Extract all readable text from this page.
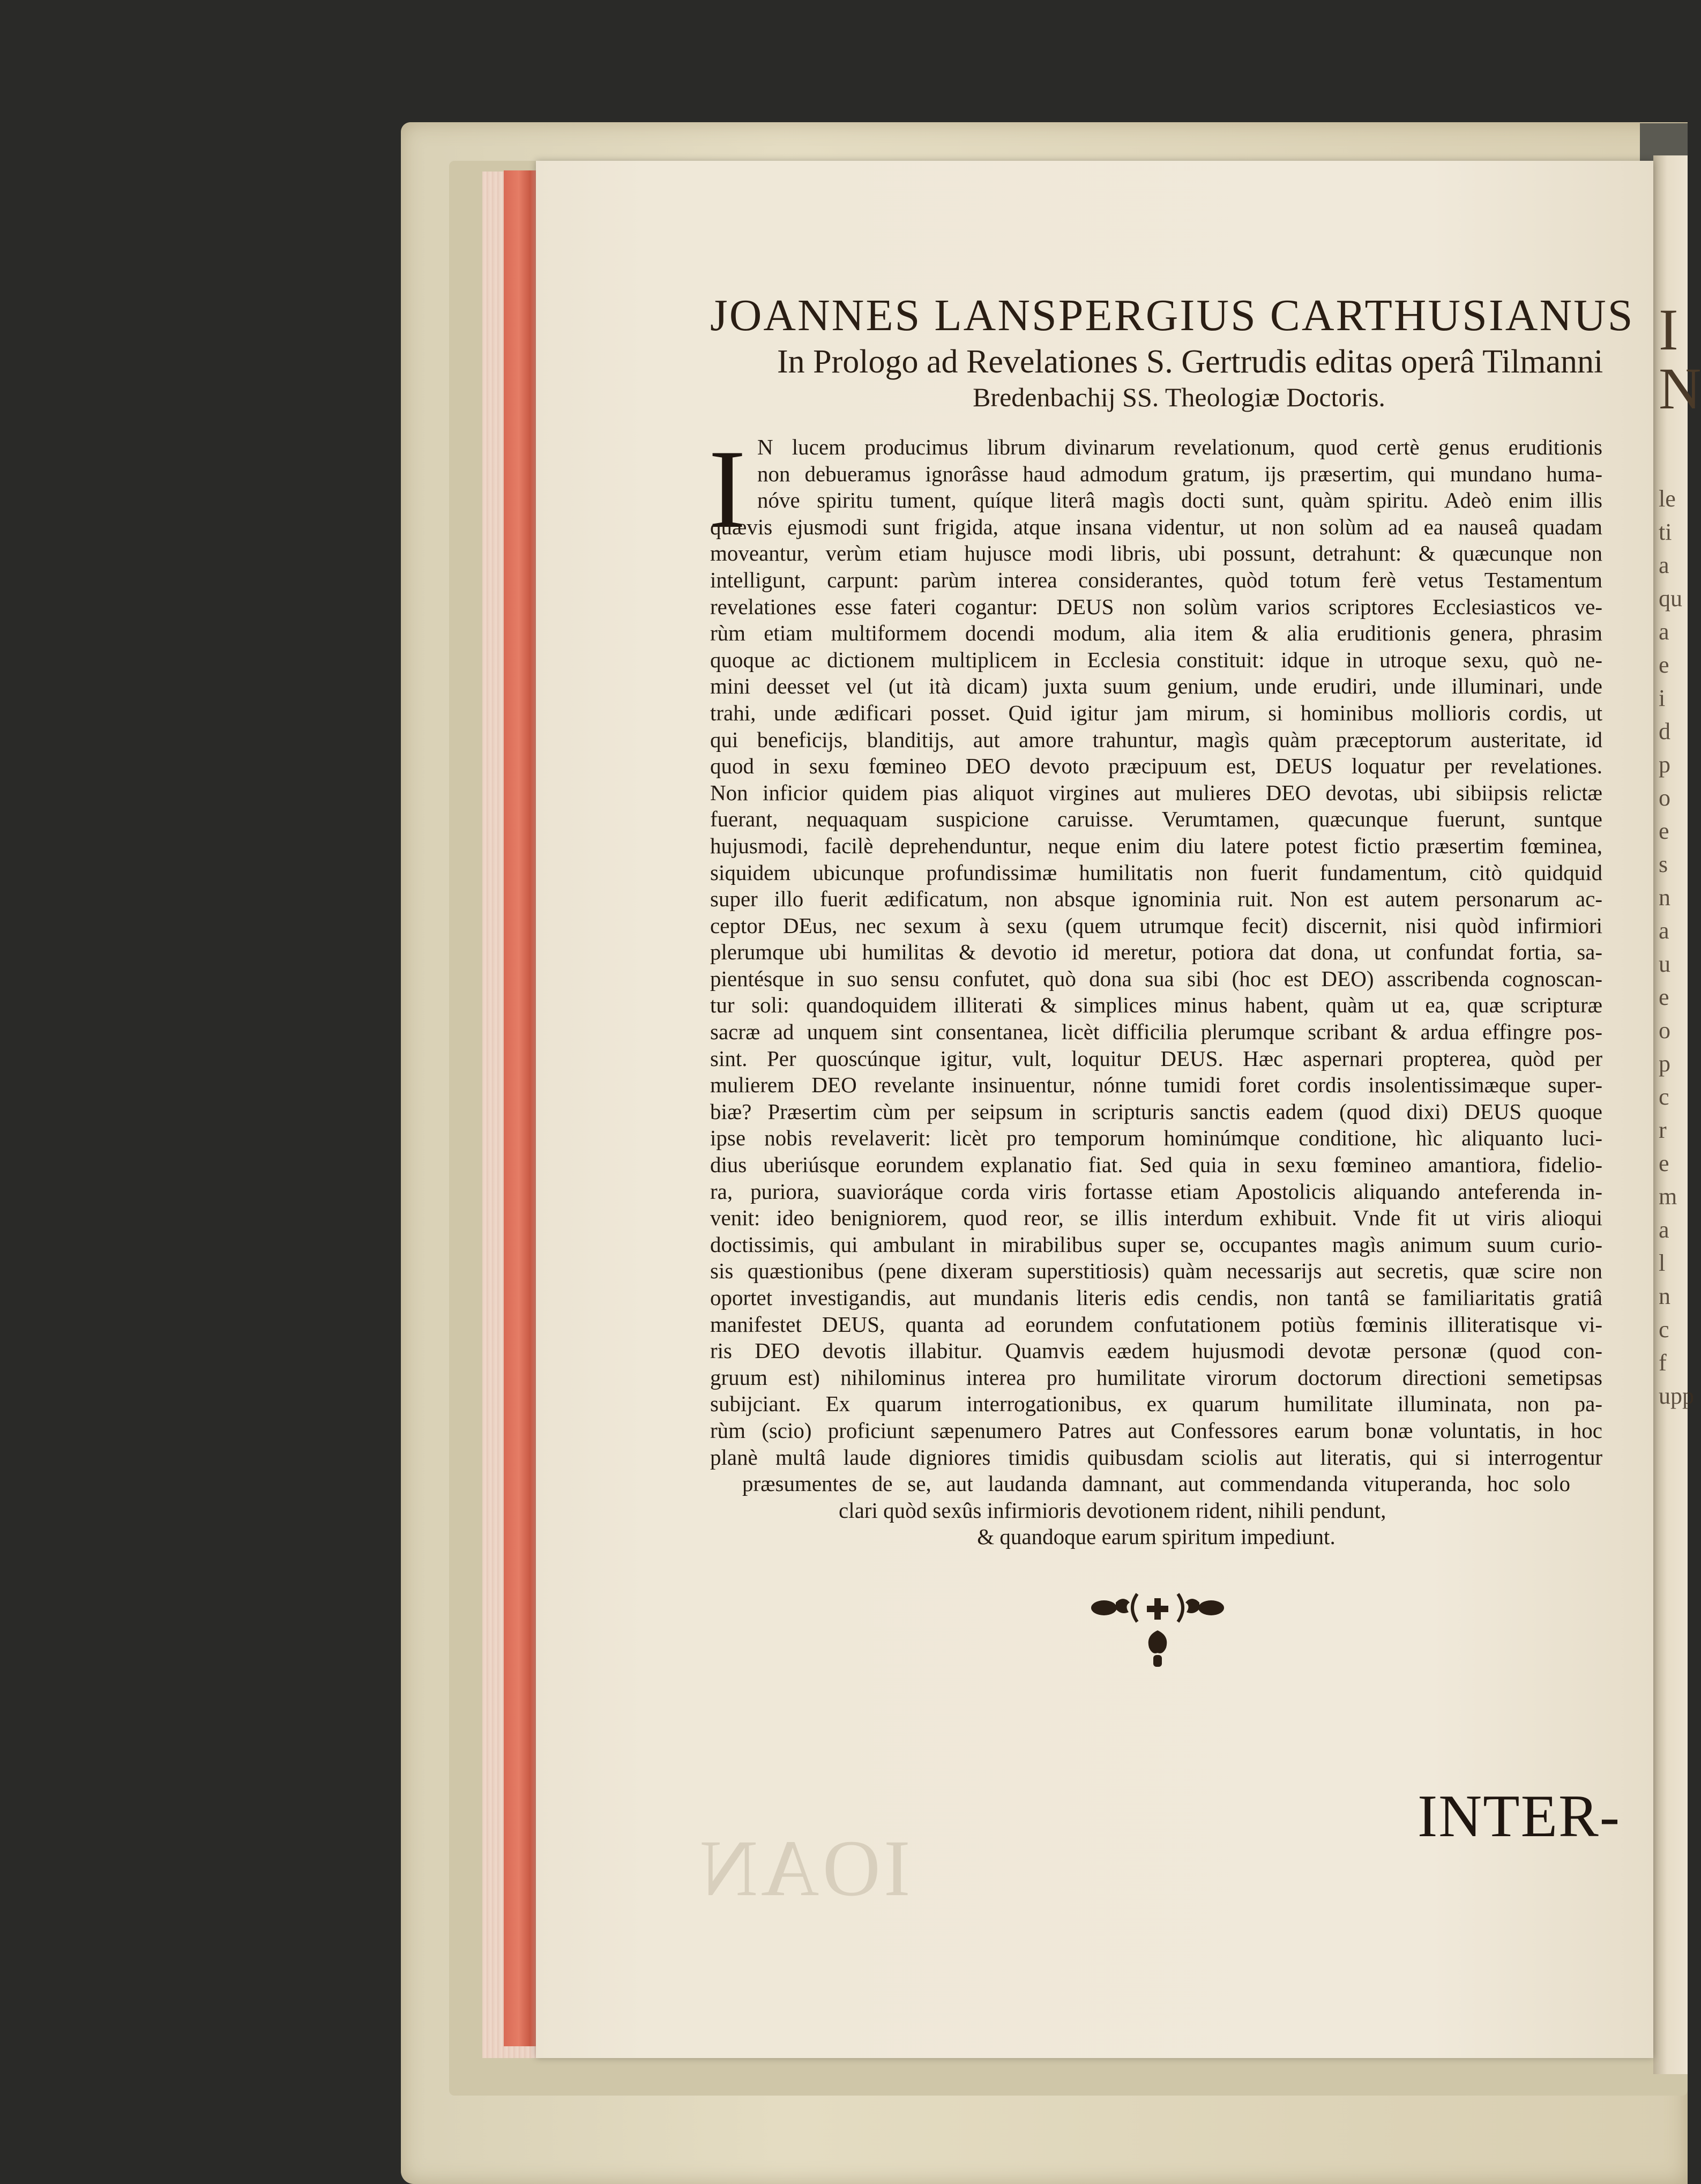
I N
le
ti
a
qu
a
e
i
d
p
o
e
s
n
a
u
e
o
p
c
r
e
m
a
l
n
c
f
upp
IOAN
JOANNES LANSPERGIUS CARTHUSIANUS
In Prologo ad Revelationes S. Gertrudis editas operâ Tilmanni
Bredenbachij SS. Theologiæ Doctoris.
I N lucem producimus librum divinarum revelationum, quod certè genus eruditionis
non debueramus ignorâsse haud admodum gratum, ijs præsertim, qui mundano huma-
nóve spiritu tument, quíque literâ magìs docti sunt, quàm spiritu. Adeò enim illis
quævis ejusmodi sunt frigida, atque insana videntur, ut non solùm ad ea nauseâ quadam
moveantur, verùm etiam hujusce modi libris, ubi possunt, detrahunt: & quæcunque non
intelligunt, carpunt: parùm interea considerantes, quòd totum ferè vetus Testamentum
revelationes esse fateri cogantur: DEUS non solùm varios scriptores Ecclesiasticos ve-
rùm etiam multiformem docendi modum, alia item & alia eruditionis genera, phrasim
quoque ac dictionem multiplicem in Ecclesia constituit: idque in utroque sexu, quò ne-
mini deesset vel (ut ità dicam) juxta suum genium, unde erudiri, unde illuminari, unde
trahi, unde ædificari posset. Quid igitur jam mirum, si hominibus mollioris cordis, ut
qui beneficijs, blanditijs, aut amore trahuntur, magìs quàm præceptorum austeritate, id
quod in sexu fœmineo DEO devoto præcipuum est, DEUS loquatur per revelationes.
Non inficior quidem pias aliquot virgines aut mulieres DEO devotas, ubi sibiipsis relictæ
fuerant, nequaquam suspicione caruisse. Verumtamen, quæcunque fuerunt, suntque
hujusmodi, facilè deprehenduntur, neque enim diu latere potest fictio præsertim fœminea,
siquidem ubicunque profundissimæ humilitatis non fuerit fundamentum, citò quidquid
super illo fuerit ædificatum, non absque ignominia ruit. Non est autem personarum ac-
ceptor DEus, nec sexum à sexu (quem utrumque fecit) discernit, nisi quòd infirmiori
plerumque ubi humilitas & devotio id meretur, potiora dat dona, ut confundat fortia, sa-
pientésque in suo sensu confutet, quò dona sua sibi (hoc est DEO) asscribenda cognoscan-
tur soli: quandoquidem illiterati & simplices minus habent, quàm ut ea, quæ scripturæ
sacræ ad unquem sint consentanea, licèt difficilia plerumque scribant & ardua effingre pos-
sint. Per quoscúnque igitur, vult, loquitur DEUS. Hæc aspernari propterea, quòd per
mulierem DEO revelante insinuentur, nónne tumidi foret cordis insolentissimæque super-
biæ? Præsertim cùm per seipsum in scripturis sanctis eadem (quod dixi) DEUS quoque
ipse nobis revelaverit: licèt pro temporum hominúmque conditione, hìc aliquanto luci-
dius uberiúsque eorundem explanatio fiat. Sed quia in sexu fœmineo amantiora, fidelio-
ra, puriora, suavioráque corda viris fortasse etiam Apostolicis aliquando anteferenda in-
venit: ideo benigniorem, quod reor, se illis interdum exhibuit. Vnde fit ut viris alioqui
doctissimis, qui ambulant in mirabilibus super se, occupantes magìs animum suum curio-
sis quæstionibus (pene dixeram superstitiosis) quàm necessarijs aut secretis, quæ scire non
oportet investigandis, aut mundanis literis edis cendis, non tantâ se familiaritatis gratiâ
manifestet DEUS, quanta ad eorundem confutationem potiùs fœminis illiteratisque vi-
ris DEO devotis illabitur. Quamvis eædem hujusmodi devotæ personæ (quod con-
gruum est) nihilominus interea pro humilitate virorum doctorum directioni semetipsas
subijciant. Ex quarum interrogationibus, ex quarum humilitate illuminata, non pa-
rùm (scio) proficiunt sæpenumero Patres aut Confessores earum bonæ voluntatis, in hoc
planè multâ laude digniores timidis quibusdam sciolis aut literatis, qui si interrogentur
præsumentes de se, aut laudanda damnant, aut commendanda vituperanda, hoc solo
clari quòd sexûs infirmioris devotionem rident, nihili pendunt,
& quandoque earum spiritum impediunt.
INTER-
